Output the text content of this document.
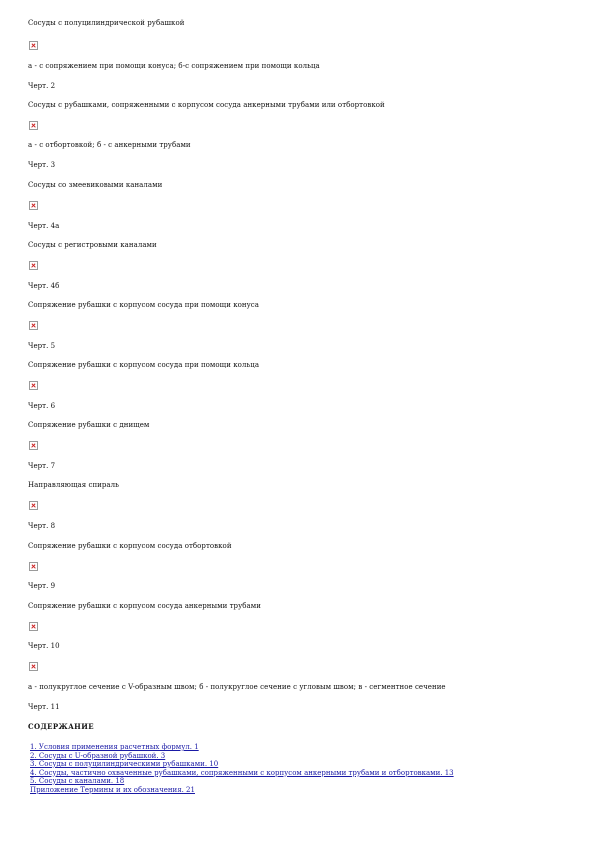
Сосуды с полуцилиндрической рубашкой
а - с сопряжением при помощи конуса; б-с сопряжением при помощи кольца
Черт. 2
Сосуды с рубашками, сопряженными с корпусом сосуда анкерными трубами или отбортовкой
а - с отбортовкой; б - с анкерными трубами
Черт. 3
Сосуды со змеевиковыми каналами
Черт. 4а
Сосуды с регистровыми каналами
Черт. 4б
Сопряжение рубашки с корпусом сосуда при помощи конуса
Черт. 5
Сопряжение рубашки с корпусом сосуда при помощи кольца
Черт. 6
Сопряжение рубашки с днищем
Черт. 7
Направляющая спираль
Черт. 8
Сопряжение рубашки с корпусом сосуда отбортовкой
Черт. 9
Сопряжение рубашки с корпусом сосуда анкерными трубами
Черт. 10
а - полукруглое сечение с V-образным швом; б - полукруглое сечение с угловым швом; в - сегментное сечение
Черт. 11
СОДЕРЖАНИЕ
1. Условия применения расчетных формул. 1
2. Сосуды с U-образной рубашкой. 3
3. Сосуды с полуцилиндрическими рубашками. 10
4. Сосуды, частично охваченные рубашками, сопряженными с корпусом анкерными трубами и отбортовками. 13
5. Сосуды с каналами. 18
Приложение Термины и их обозначения. 21
